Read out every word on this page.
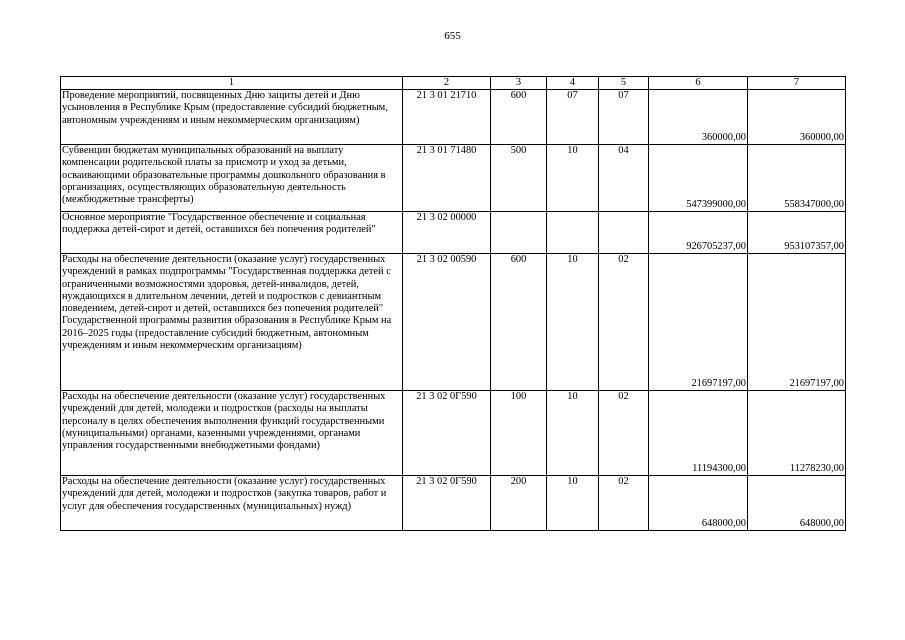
655
1	2	3	4	5	6	7
Проведение мероприятий, посвященных Дню защиты детей и Дню усыновления в Республике Крым (предоставление субсидий бюджетным, автономным учреждениям и иным некоммерческим организациям)	21 3 01 21710	600	07	07	360000,00	360000,00
Субвенции бюджетам муниципальных образований на выплату компенсации родительской платы за присмотр и уход за детьми, осваивающими образовательные программы дошкольного образования в организациях, осуществляющих образовательную деятельность (межбюджетные трансферты)	21 3 01 71480	500	10	04	547399000,00	558347000,00
Основное мероприятие "Государственное обеспечение и социальная поддержка детей-сирот и детей, оставшихся без попечения родителей"	21 3 02 00000				926705237,00	953107357,00
Расходы на обеспечение деятельности (оказание услуг) государственных учреждений в рамках подпрограммы "Государственная поддержка детей с ограниченными возможностями здоровья, детей-инвалидов, детей, нуждающихся в длительном лечении, детей и подростков с девиантным поведением, детей-сирот и детей, оставшихся без попечения родителей" Государственной программы развития образования в Республике Крым на 2016–2025 годы (предоставление субсидий бюджетным, автономным учреждениям и иным некоммерческим организациям)	21 3 02 00590	600	10	02	21697197,00	21697197,00
Расходы на обеспечение деятельности (оказание услуг) государственных учреждений для детей, молодежи и подростков (расходы на выплаты персоналу в целях обеспечения выполнения функций государственными (муниципальными) органами, казенными учреждениями, органами управления государственными внебюджетными фондами)	21 3 02 0Г590	100	10	02	11194300,00	11278230,00
Расходы на обеспечение деятельности (оказание услуг) государственных учреждений для детей, молодежи и подростков (закупка товаров, работ и услуг для обеспечения государственных (муниципальных) нужд)	21 3 02 0Г590	200	10	02	648000,00	648000,00
